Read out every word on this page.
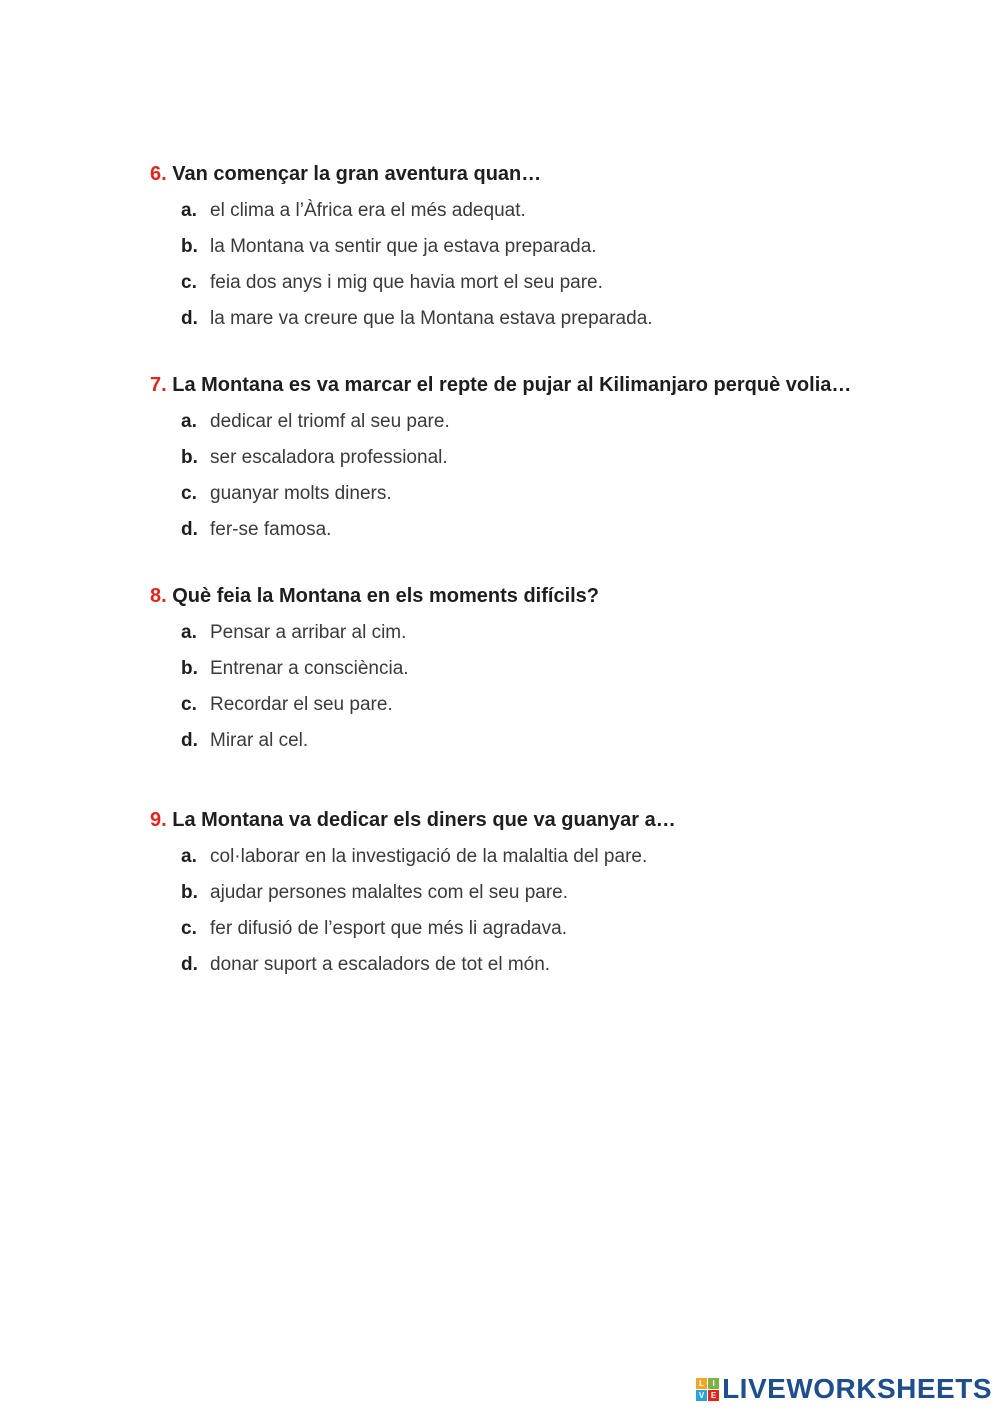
6. Van començar la gran aventura quan…
a. el clima a l’Àfrica era el més adequat.
b. la Montana va sentir que ja estava preparada.
c. feia dos anys i mig que havia mort el seu pare.
d. la mare va creure que la Montana estava preparada.
7. La Montana es va marcar el repte de pujar al Kilimanjaro perquè volia…
a. dedicar el triomf al seu pare.
b. ser escaladora professional.
c. guanyar molts diners.
d. fer-se famosa.
8. Què feia la Montana en els moments difícils?
a. Pensar a arribar al cim.
b. Entrenar a consciència.
c. Recordar el seu pare.
d. Mirar al cel.
9. La Montana va dedicar els diners que va guanyar a…
a. col·laborar en la investigació de la malaltia del pare.
b. ajudar persones malaltes com el seu pare.
c. fer difusió de l’esport que més li agradava.
d. donar suport a escaladors de tot el món.
L	I
V E LIVEWORKSHEETS
